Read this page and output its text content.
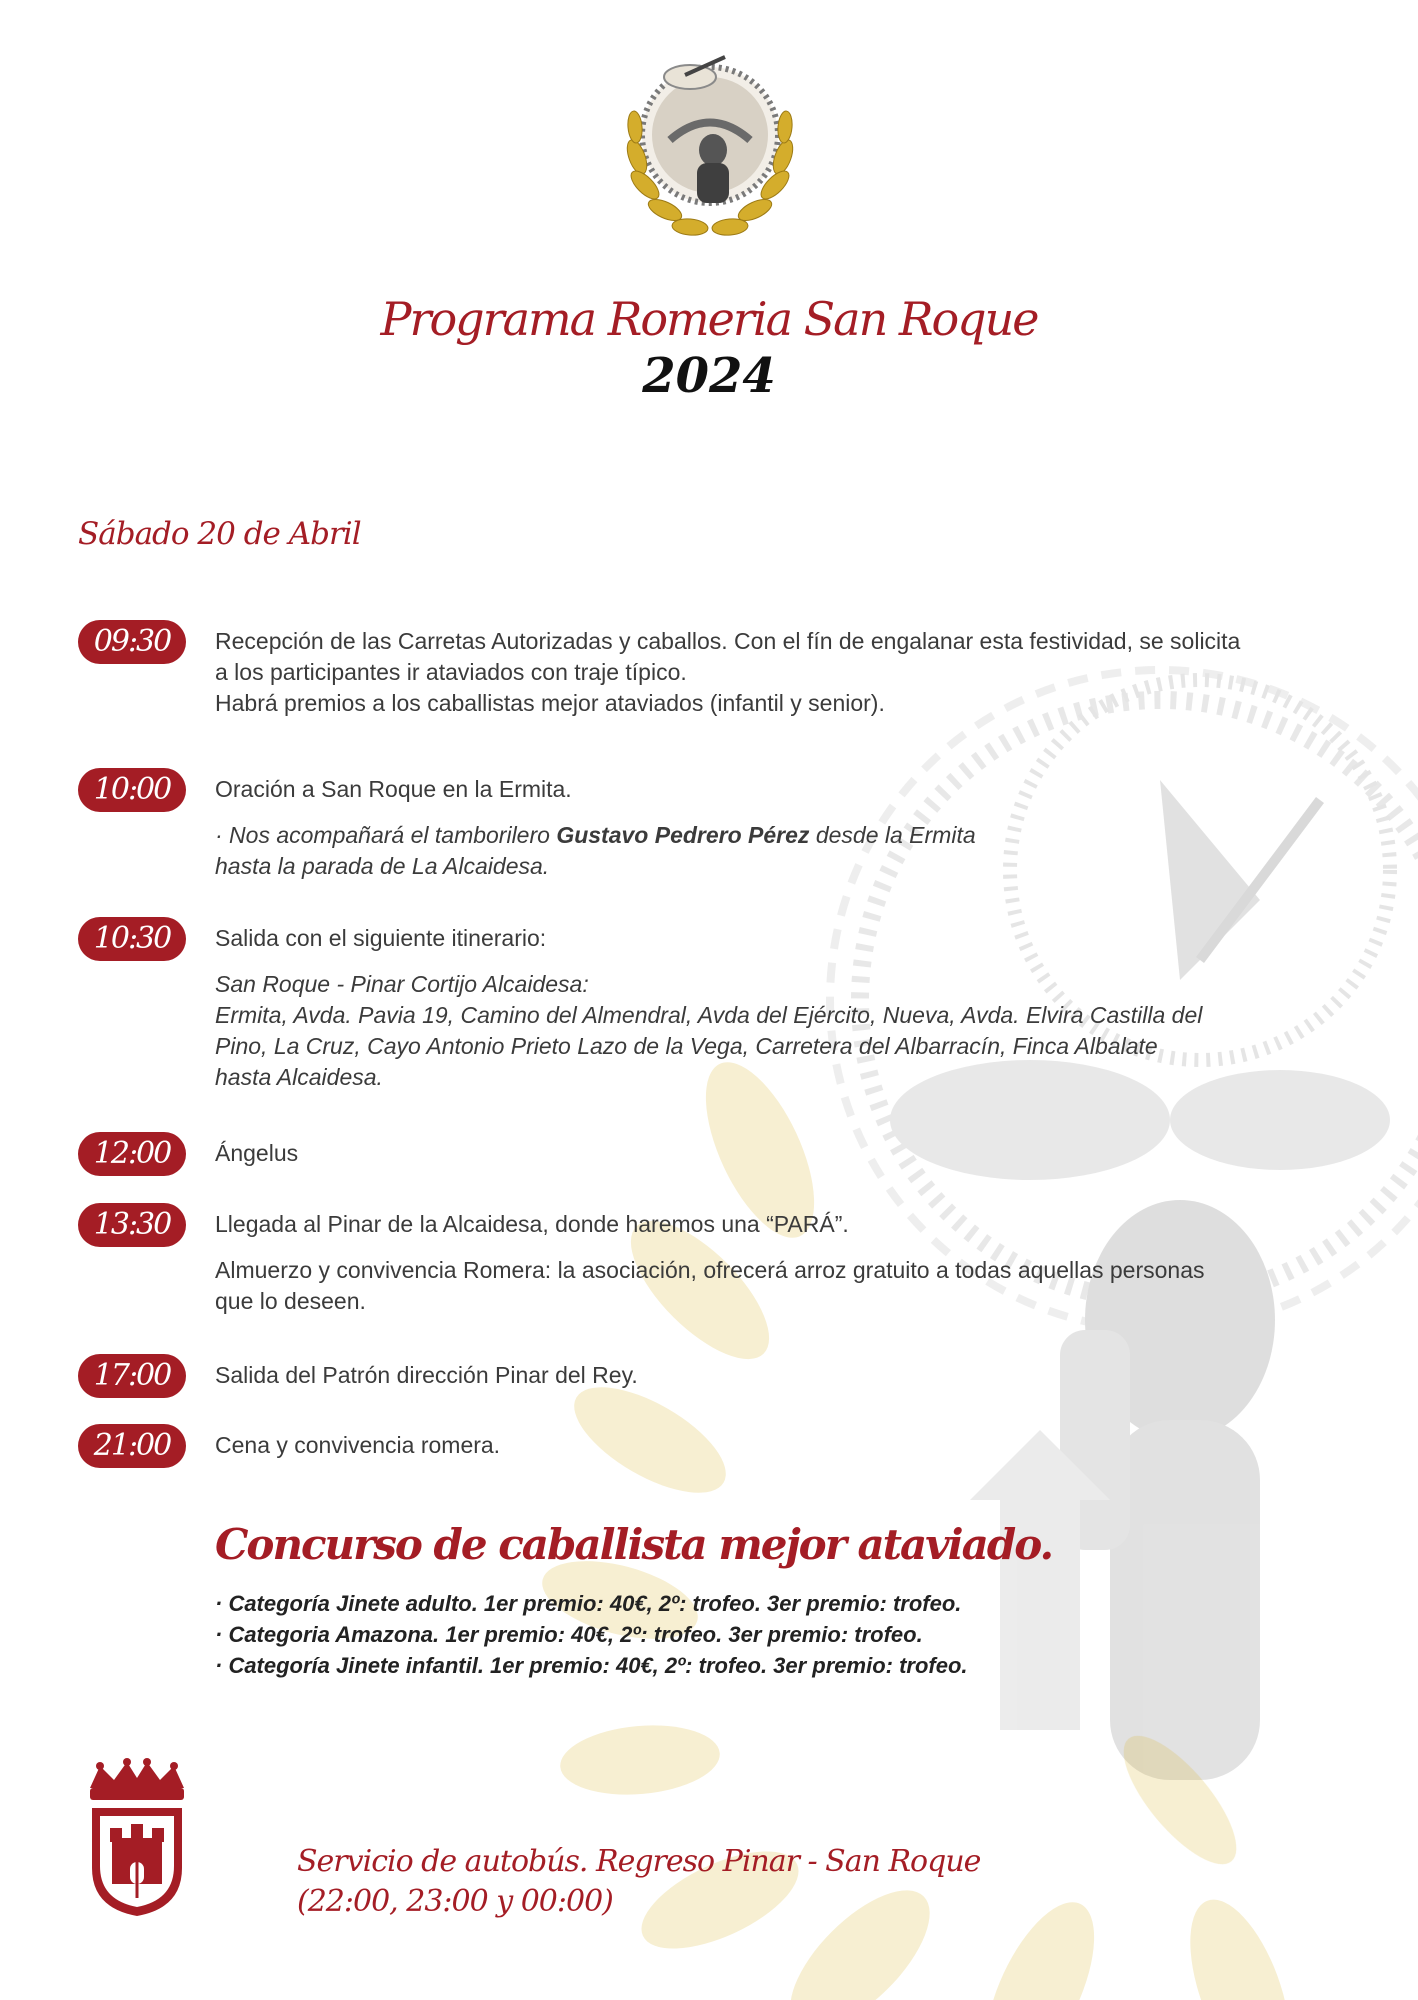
Programa Romeria San Roque
2024
Sábado 20 de Abril
09:30	Recepción de las Carretas Autorizadas y caballos. Con el fín de engalanar esta festividad, se solicita

a los participantes ir ataviados con traje típico.

Habrá premios a los caballistas mejor ataviados (infantil y senior).

10:00	Oración a San Roque en la Ermita.

· Nos acompañará el tamborilero Gustavo Pedrero Pérez desde la Ermita

hasta la parada de La Alcaidesa.

10:30	Salida con el siguiente itinerario:

San Roque - Pinar Cortijo Alcaidesa:

Ermita, Avda. Pavia 19, Camino del Almendral, Avda del Ejército, Nueva, Avda. Elvira Castilla del

Pino, La Cruz, Cayo Antonio Prieto Lazo de la Vega, Carretera del Albarracín, Finca Albalate

hasta Alcaidesa.

12:00	Ángelus

13:30	Llegada al Pinar de la Alcaidesa, donde haremos una “PARÁ”.

Almuerzo y convivencia Romera: la asociación, ofrecerá arroz gratuito a todas aquellas personas

que lo deseen.

17:00	Salida del Patrón dirección Pinar del Rey.

21:00	Cena y convivencia romera.

Concurso de caballista mejor ataviado.
· Categoría Jinete adulto. 1er premio: 40€, 2º: trofeo. 3er premio: trofeo.
· Categoria Amazona. 1er premio: 40€, 2º: trofeo. 3er premio: trofeo.
· Categoría Jinete infantil. 1er premio: 40€, 2º: trofeo. 3er premio: trofeo.
Servicio de autobús. Regreso Pinar - San Roque
(22:00, 23:00 y 00:00)
